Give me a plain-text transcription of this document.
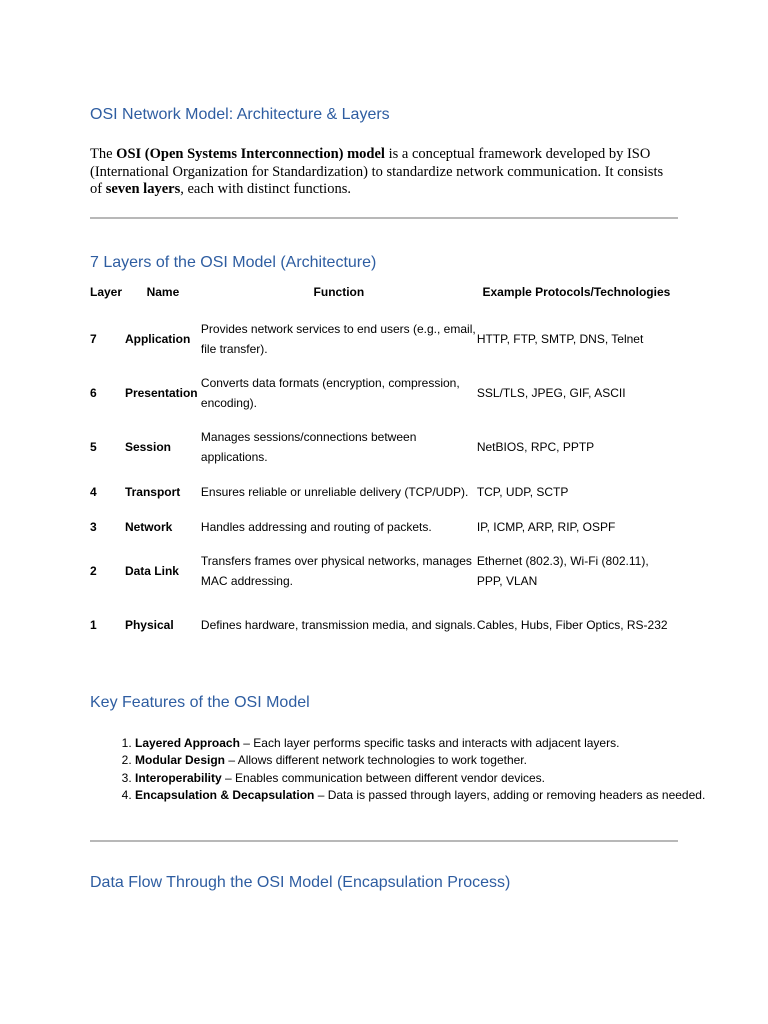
OSI Network Model: Architecture & Layers

The OSI (Open Systems Interconnection) model is a conceptual framework developed by ISO (International Organization for Standardization) to standardize network communication. It consists of seven layers, each with distinct functions.

7 Layers of the OSI Model (Architecture)
Layer	Name	Function	Example Protocols/Technologies

7	Application	Provides network services to end users (e.g., email, file transfer).	HTTP, FTP, SMTP, DNS, Telnet
6	Presentation	Converts data formats (encryption, compression, encoding).	SSL/TLS, JPEG, GIF, ASCII
5	Session	Manages sessions/connections between applications.	NetBIOS, RPC, PPTP
4	Transport	Ensures reliable or unreliable delivery (TCP/UDP).	TCP, UDP, SCTP
3	Network	Handles addressing and routing of packets.	IP, ICMP, ARP, RIP, OSPF
2	Data Link	Transfers frames over physical networks, manages MAC addressing.	Ethernet (802.3), Wi-Fi (802.11), PPP, VLAN
1	Physical	Defines hardware, transmission media, and signals.	Cables, Hubs, Fiber Optics, RS-232
Key Features of the OSI Model
1. Layered Approach – Each layer performs specific tasks and interacts with adjacent layers.
2. Modular Design – Allows different network technologies to work together.
3. Interoperability – Enables communication between different vendor devices.
4. Encapsulation & Decapsulation – Data is passed through layers, adding or removing headers as needed.
Data Flow Through the OSI Model (Encapsulation Process)
